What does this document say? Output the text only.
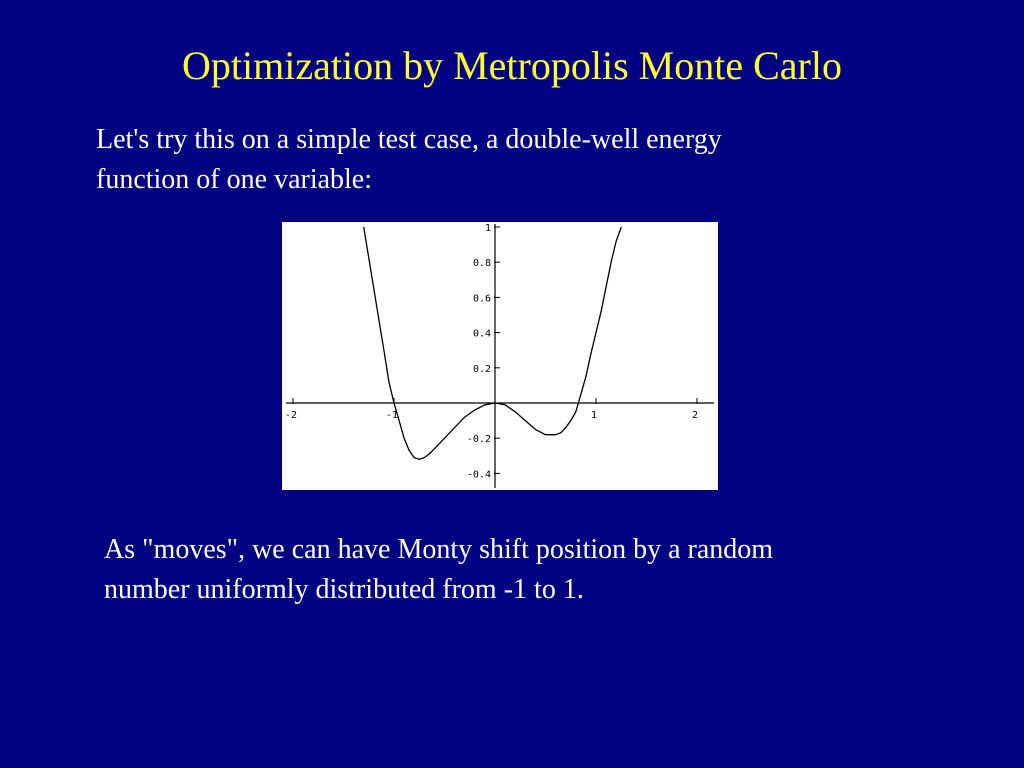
Optimization by Metropolis Monte Carlo

Let's try this on a simple test case, a double-well energy
function of one variable:

-2	-1	1	2
1
0.8
0.6
0.4
0.2
-0.2
-0.4

As "moves", we can have Monty shift position by a random
number uniformly distributed from -1 to 1.
